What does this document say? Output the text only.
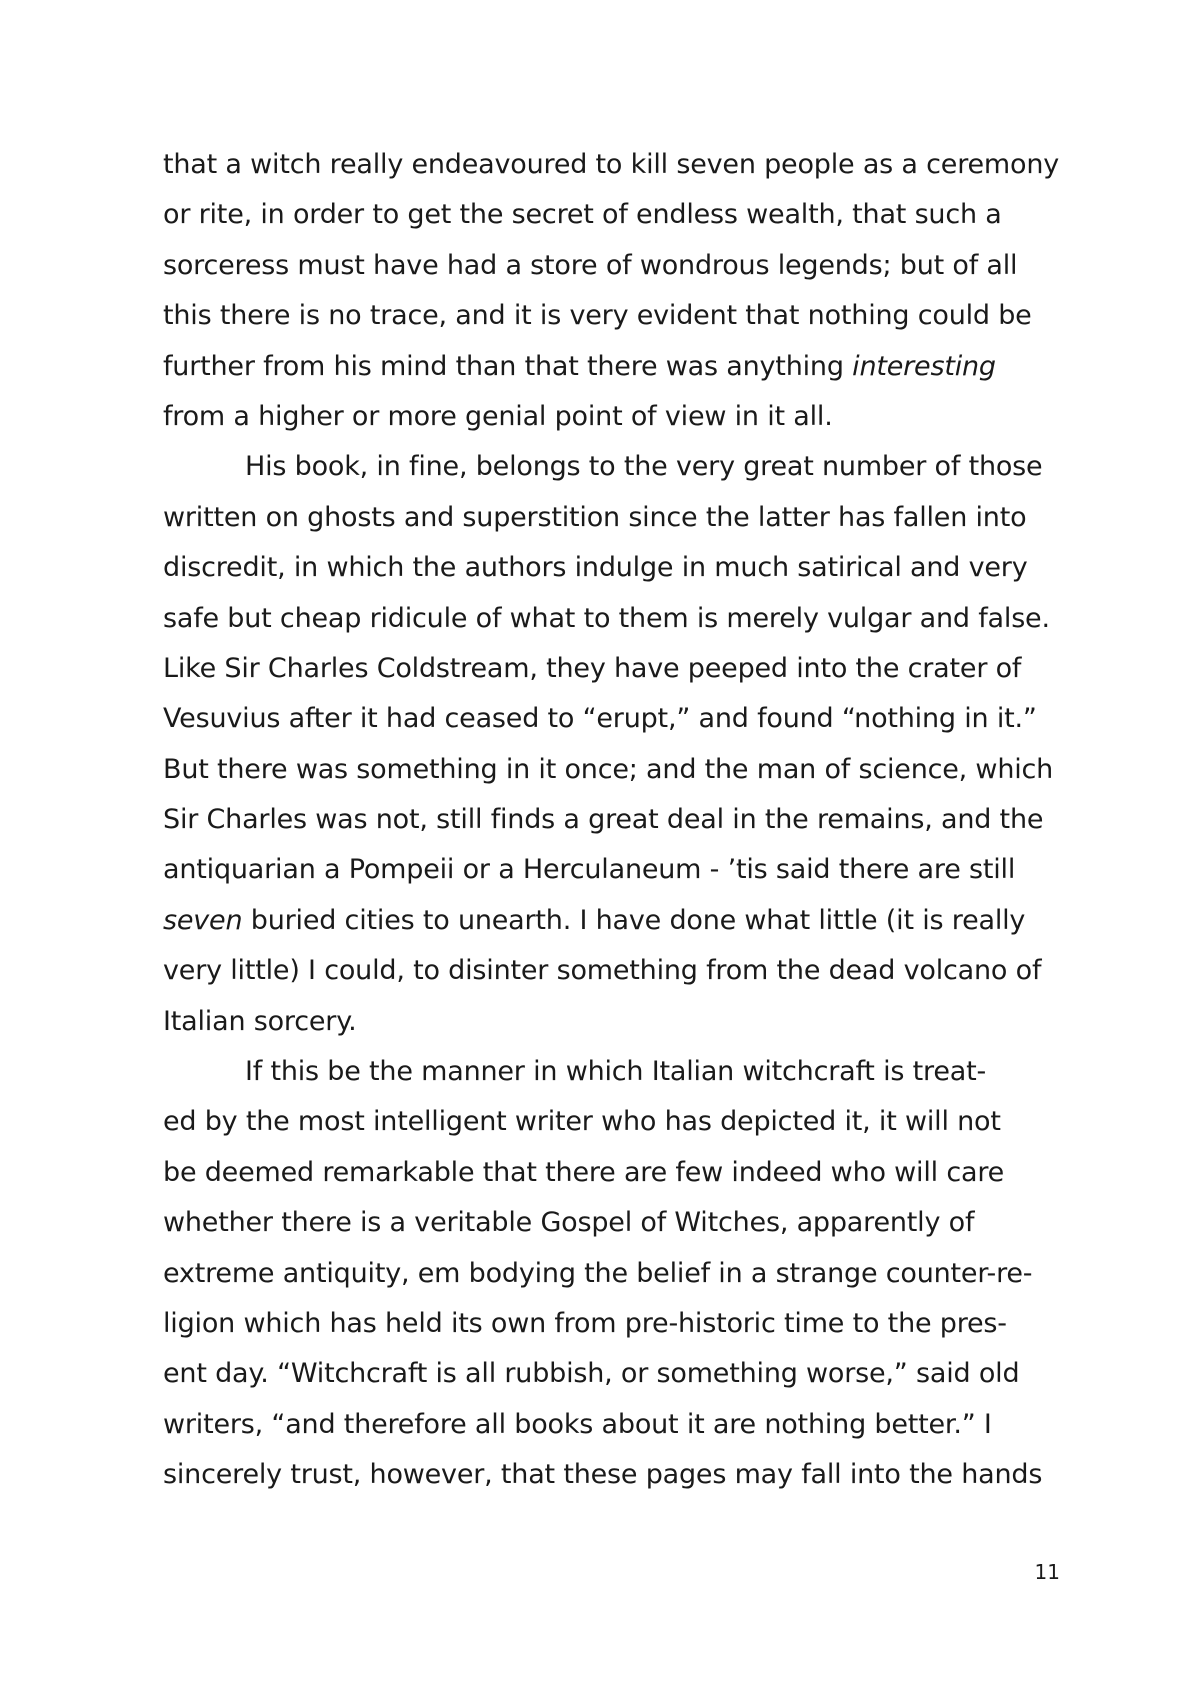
that a witch really endeavoured to kill seven people as a ceremony
or rite, in order to get the secret of endless wealth, that such a
sorceress must have had a store of wondrous legends; but of all
this there is no trace, and it is very evident that nothing could be
further from his mind than that there was anything interesting
from a higher or more genial point of view in it all.
His book, in fine, belongs to the very great number of those
written on ghosts and superstition since the latter has fallen into
discredit, in which the authors indulge in much satirical and very
safe but cheap ridicule of what to them is merely vulgar and false.
Like Sir Charles Coldstream, they have peeped into the crater of
Vesuvius after it had ceased to “erupt,” and found “nothing in it.”
But there was something in it once; and the man of science, which
Sir Charles was not, still finds a great deal in the remains, and the
antiquarian a Pompeii or a Herculaneum - ’tis said there are still
seven buried cities to unearth. I have done what little (it is really
very little) I could, to disinter something from the dead volcano of
Italian sorcery.
If this be the manner in which Italian witchcraft is treat-
ed by the most intelligent writer who has depicted it, it will not
be deemed remarkable that there are few indeed who will care
whether there is a veritable Gospel of Witches, apparently of
extreme antiquity, em bodying the belief in a strange counter-re-
ligion which has held its own from pre-historic time to the pres-
ent day. “Witchcraft is all rubbish, or something worse,” said old
writers, “and therefore all books about it are nothing better.” I
sincerely trust, however, that these pages may fall into the hands
11
